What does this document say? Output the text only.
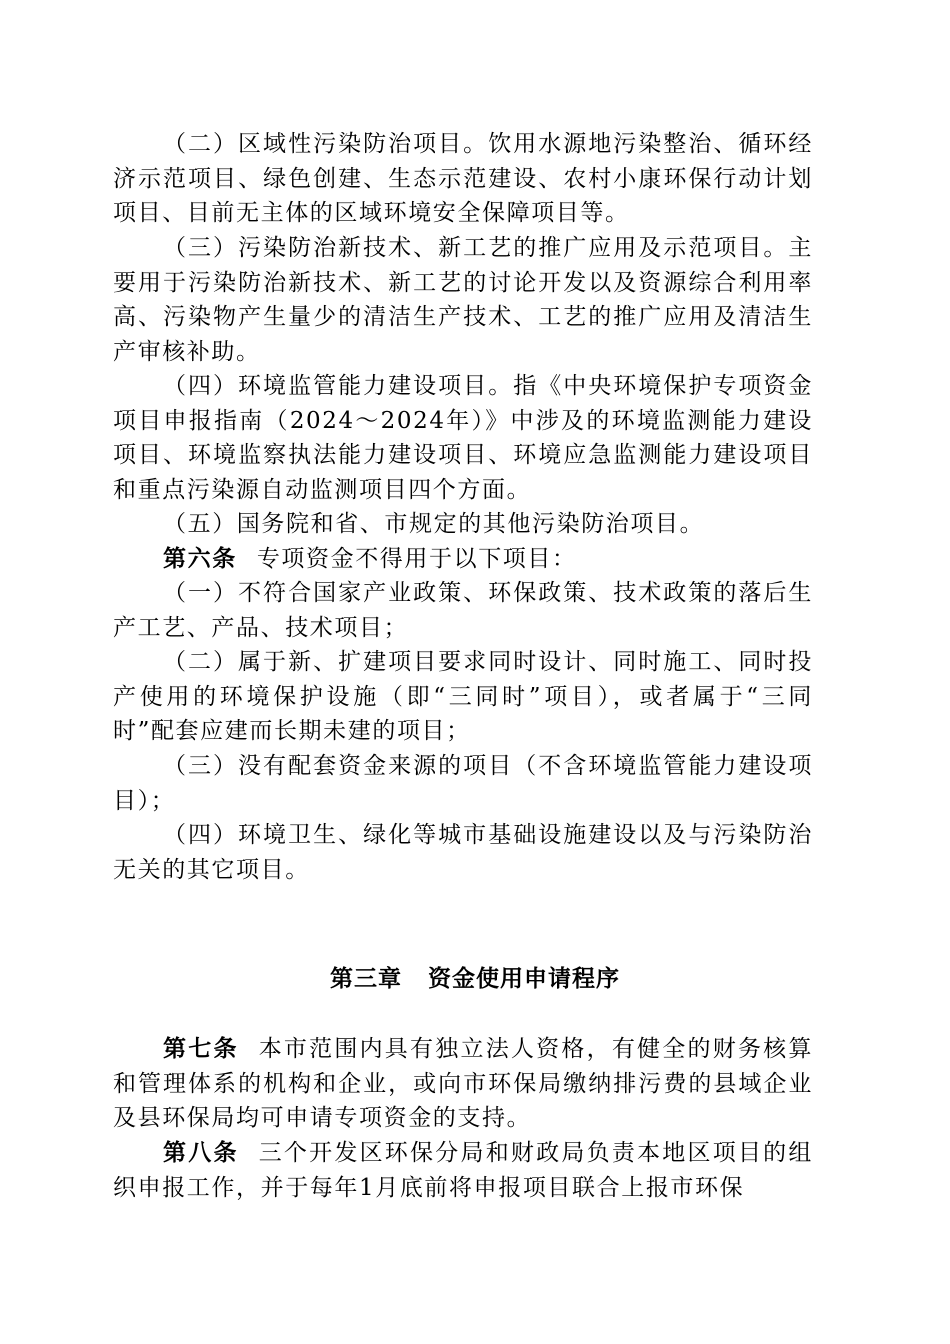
（二）区域性污染防治项目。饮用水源地污染整治、循环经济示范项目、绿色创建、生态示范建设、农村小康环保行动计划项目、目前无主体的区域环境安全保障项目等。

（三）污染防治新技术、新工艺的推广应用及示范项目。主要用于污染防治新技术、新工艺的讨论开发以及资源综合利用率高、污染物产生量少的清洁生产技术、工艺的推广应用及清洁生产审核补助。

（四）环境监管能力建设项目。指《中央环境保护专项资金项目申报指南（2024～2024年）》中涉及的环境监测能力建设项目、环境监察执法能力建设项目、环境应急监测能力建设项目和重点污染源自动监测项目四个方面。

（五）国务院和省、市规定的其他污染防治项目。

第六条 专项资金不得用于以下项目：

（一）不符合国家产业政策、环保政策、技术政策的落后生产工艺、产品、技术项目；

（二）属于新、扩建项目要求同时设计、同时施工、同时投产使用的环境保护设施（即“三同时”项目），或者属于“三同时”配套应建而长期未建的项目；

（三）没有配套资金来源的项目（不含环境监管能力建设项目）；

（四）环境卫生、绿化等城市基础设施建设以及与污染防治无关的其它项目。

第三章 资金使用申请程序

第七条 本市范围内具有独立法人资格，有健全的财务核算和管理体系的机构和企业，或向市环保局缴纳排污费的县域企业及县环保局均可申请专项资金的支持。

第八条 三个开发区环保分局和财政局负责本地区项目的组织申报工作，并于每年1月底前将申报项目联合上报市环保
